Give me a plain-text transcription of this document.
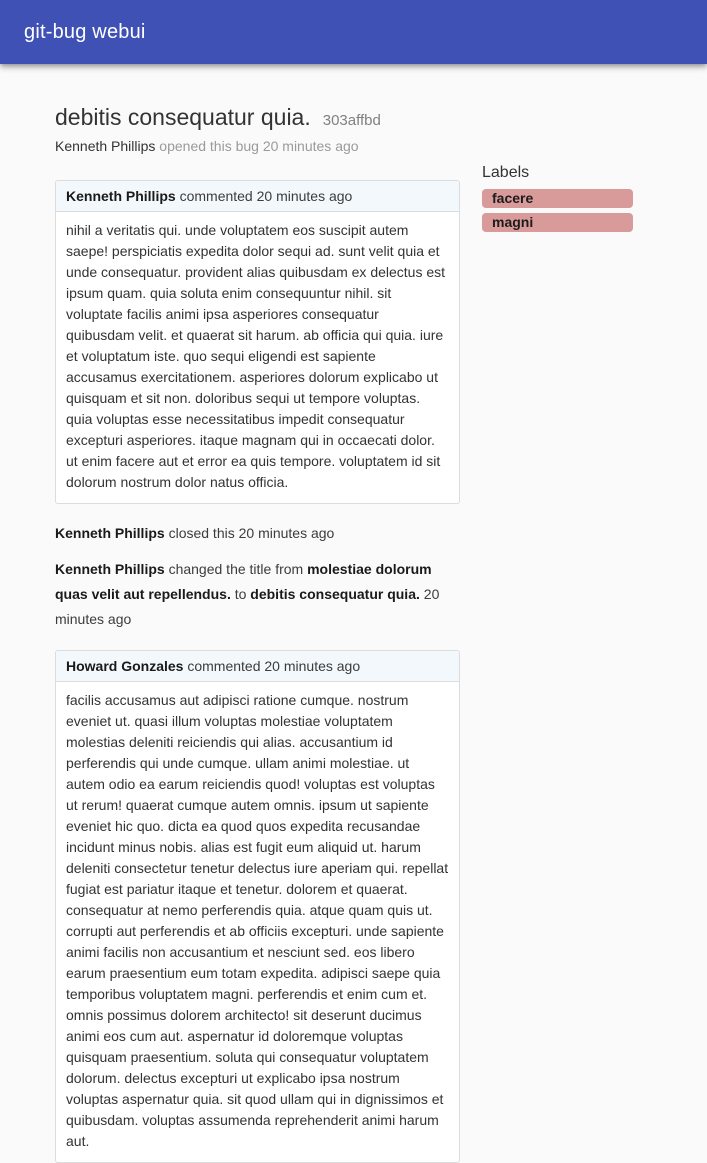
git-bug webui
debitis consequatur quia. 303affbd
Kenneth Phillips opened this bug 20 minutes ago
Kenneth Phillips commented 20 minutes ago
nihil a veritatis qui. unde voluptatem eos suscipit autem saepe! perspiciatis expedita dolor sequi ad. sunt velit quia et unde consequatur. provident alias quibusdam ex delectus est ipsum quam. quia soluta enim consequuntur nihil. sit voluptate facilis animi ipsa asperiores consequatur quibusdam velit. et quaerat sit harum. ab officia qui quia. iure et voluptatum iste. quo sequi eligendi est sapiente accusamus exercitationem. asperiores dolorum explicabo ut quisquam et sit non. doloribus sequi ut tempore voluptas. quia voluptas esse necessitatibus impedit consequatur excepturi asperiores. itaque magnam qui in occaecati dolor. ut enim facere aut et error ea quis tempore. voluptatem id sit dolorum nostrum dolor natus officia.
Kenneth Phillips closed this 20 minutes ago
Kenneth Phillips changed the title from molestiae dolorum quas velit aut repellendus. to debitis consequatur quia. 20 minutes ago
Howard Gonzales commented 20 minutes ago
facilis accusamus aut adipisci ratione cumque. nostrum eveniet ut. quasi illum voluptas molestiae voluptatem molestias deleniti reiciendis qui alias. accusantium id perferendis qui unde cumque. ullam animi molestiae. ut autem odio ea earum reiciendis quod! voluptas est voluptas ut rerum! quaerat cumque autem omnis. ipsum ut sapiente eveniet hic quo. dicta ea quod quos expedita recusandae incidunt minus nobis. alias est fugit eum aliquid ut. harum deleniti consectetur tenetur delectus iure aperiam qui. repellat fugiat est pariatur itaque et tenetur. dolorem et quaerat. consequatur at nemo perferendis quia. atque quam quis ut. corrupti aut perferendis et ab officiis excepturi. unde sapiente animi facilis non accusantium et nesciunt sed. eos libero earum praesentium eum totam expedita. adipisci saepe quia temporibus voluptatem magni. perferendis et enim cum et. omnis possimus dolorem architecto! sit deserunt ducimus animi eos cum aut. aspernatur id doloremque voluptas quisquam praesentium. soluta qui consequatur voluptatem dolorum. delectus excepturi ut explicabo ipsa nostrum voluptas aspernatur quia. sit quod ullam qui in dignissimos et quibusdam. voluptas assumenda reprehenderit animi harum aut.
Labels
facere
magni
